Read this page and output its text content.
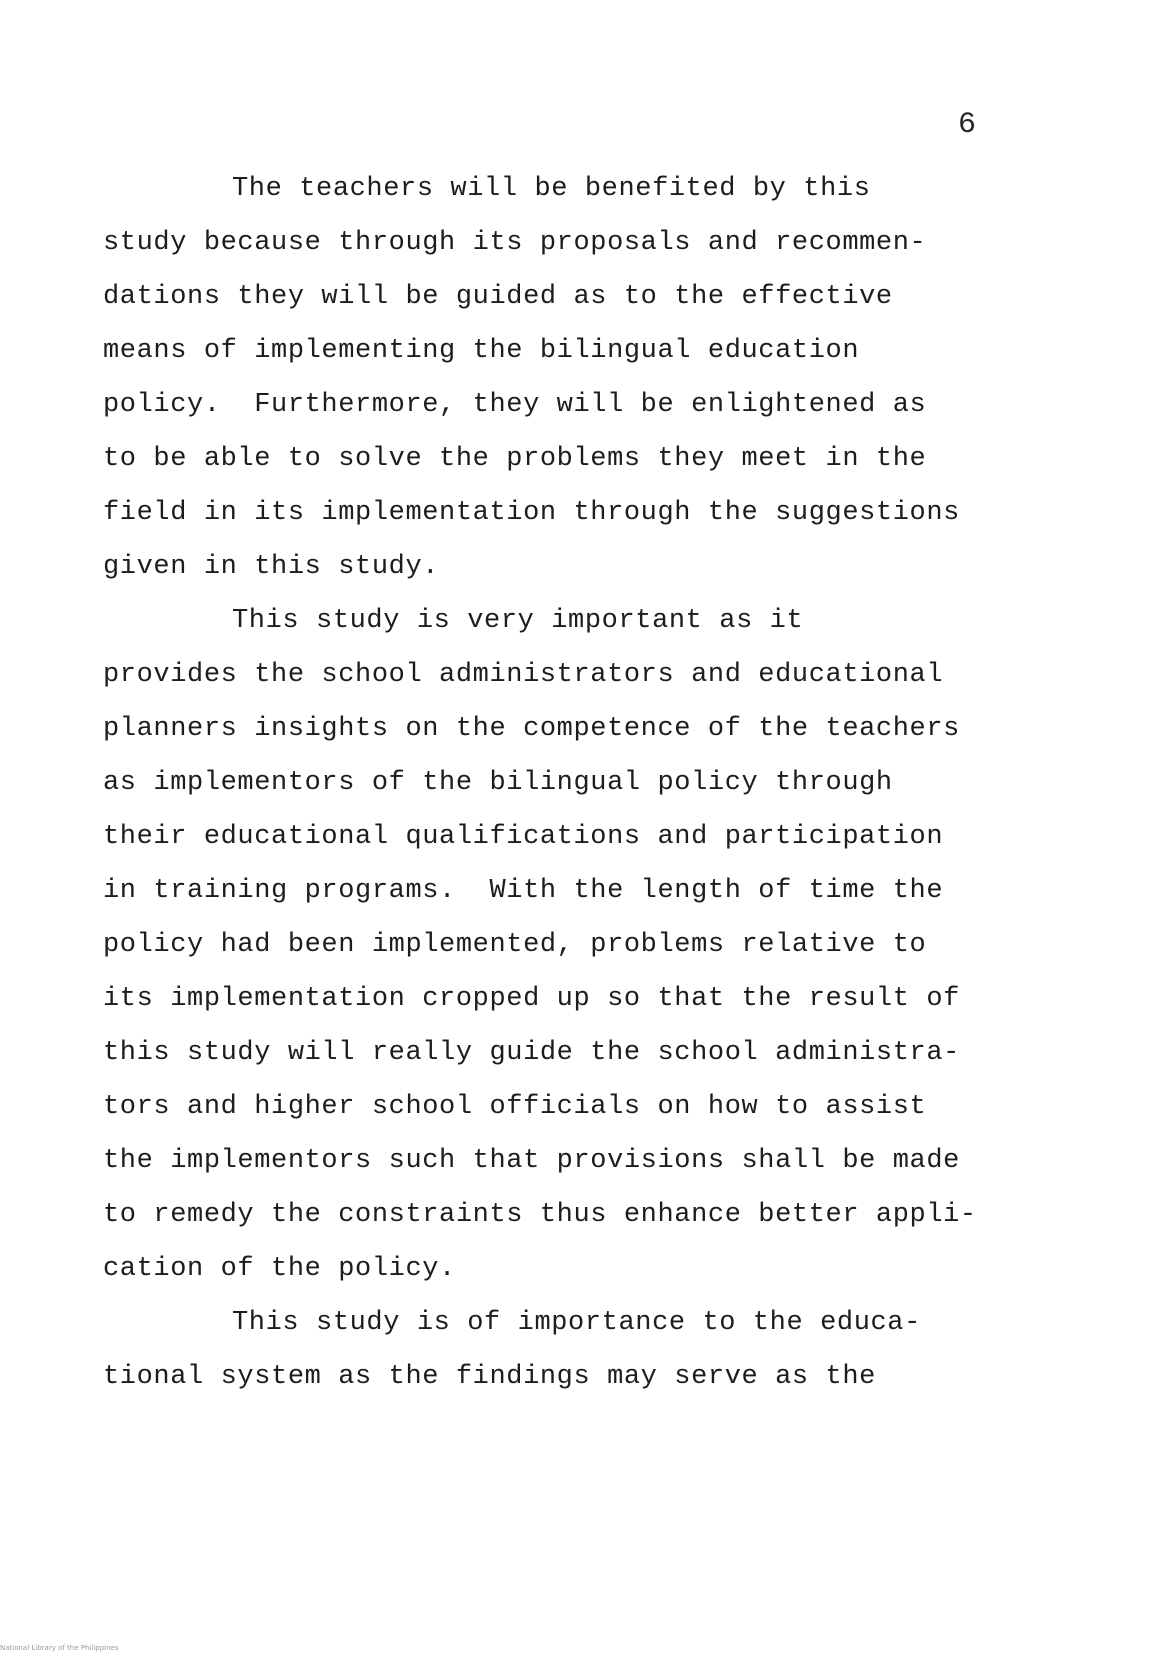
6
The teachers will be benefited by this
study because through its proposals and recommen-
dations they will be guided as to the effective
means of implementing the bilingual education
policy.  Furthermore, they will be enlightened as
to be able to solve the problems they meet in the
field in its implementation through the suggestions
given in this study.
This study is very important as it
provides the school administrators and educational
planners insights on the competence of the teachers
as implementors of the bilingual policy through
their educational qualifications and participation
in training programs.  With the length of time the
policy had been implemented, problems relative to
its implementation cropped up so that the result of
this study will really guide the school administra-
tors and higher school officials on how to assist
the implementors such that provisions shall be made
to remedy the constraints thus enhance better appli-
cation of the policy.
This study is of importance to the educa-
tional system as the findings may serve as the
National Library of the Philippines
